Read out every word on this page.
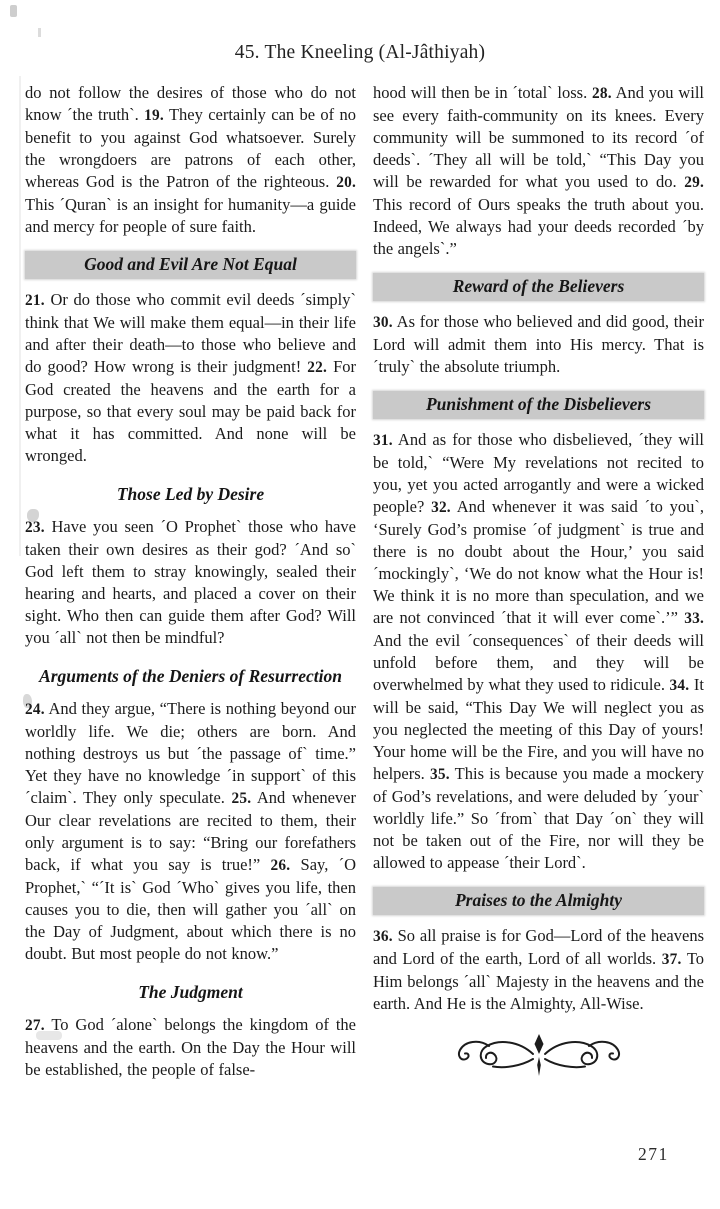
45. The Kneeling (Al-Jâthiyah)

do not follow the desires of those who do not know ´the truth`. 19. They certainly can be of no benefit to you against God whatsoever. Surely the wrongdoers are patrons of each other, whereas God is the Patron of the righteous. 20. This ´Quran` is an insight for humanity—a guide and mercy for people of sure faith.

Good and Evil Are Not Equal

21. Or do those who commit evil deeds ´simply` think that We will make them equal—in their life and after their death—to those who believe and do good? How wrong is their judgment! 22. For God created the heavens and the earth for a purpose, so that every soul may be paid back for what it has committed. And none will be wronged.

Those Led by Desire

23. Have you seen ´O Prophet` those who have taken their own desires as their god? ´And so` God left them to stray knowingly, sealed their hearing and hearts, and placed a cover on their sight. Who then can guide them after God? Will you ´all` not then be mindful?

Arguments of the Deniers of Resurrection

24. And they argue, “There is nothing beyond our worldly life. We die; others are born. And nothing destroys us but ´the passage of` time.” Yet they have no knowledge ´in support` of this ´claim`. They only speculate. 25. And whenever Our clear revelations are recited to them, their only argument is to say: “Bring our forefathers back, if what you say is true!” 26. Say, ´O Prophet,` “´It is` God ´Who` gives you life, then causes you to die, then will gather you ´all` on the Day of Judgment, about which there is no doubt. But most people do not know.”

The Judgment

27. To God ´alone` belongs the kingdom of the heavens and the earth. On the Day the Hour will be established, the people of false-

hood will then be in ´total` loss. 28. And you will see every faith-community on its knees. Every community will be summoned to its record ´of deeds`. ´They all will be told,` “This Day you will be rewarded for what you used to do. 29. This record of Ours speaks the truth about you. Indeed, We always had your deeds recorded ´by the angels`.”

Reward of the Believers

30. As for those who believed and did good, their Lord will admit them into His mercy. That is ´truly` the absolute triumph.

Punishment of the Disbelievers

31. And as for those who disbelieved, ´they will be told,` “Were My revelations not recited to you, yet you acted arrogantly and were a wicked people? 32. And whenever it was said ´to you`, ‘Surely God’s promise ´of judgment` is true and there is no doubt about the Hour,’ you said ´mockingly`, ‘We do not know what the Hour is! We think it is no more than speculation, and we are not convinced ´that it will ever come`.’” 33. And the evil ´consequences` of their deeds will unfold before them, and they will be overwhelmed by what they used to ridicule. 34. It will be said, “This Day We will neglect you as you neglected the meeting of this Day of yours! Your home will be the Fire, and you will have no helpers. 35. This is because you made a mockery of God’s revelations, and were deluded by ´your` worldly life.” So ´from` that Day ´on` they will not be taken out of the Fire, nor will they be allowed to appease ´their Lord`.

Praises to the Almighty

36. So all praise is for God—Lord of the heavens and Lord of the earth, Lord of all worlds. 37. To Him belongs ´all` Majesty in the heavens and the earth. And He is the Almighty, All-Wise.

271
